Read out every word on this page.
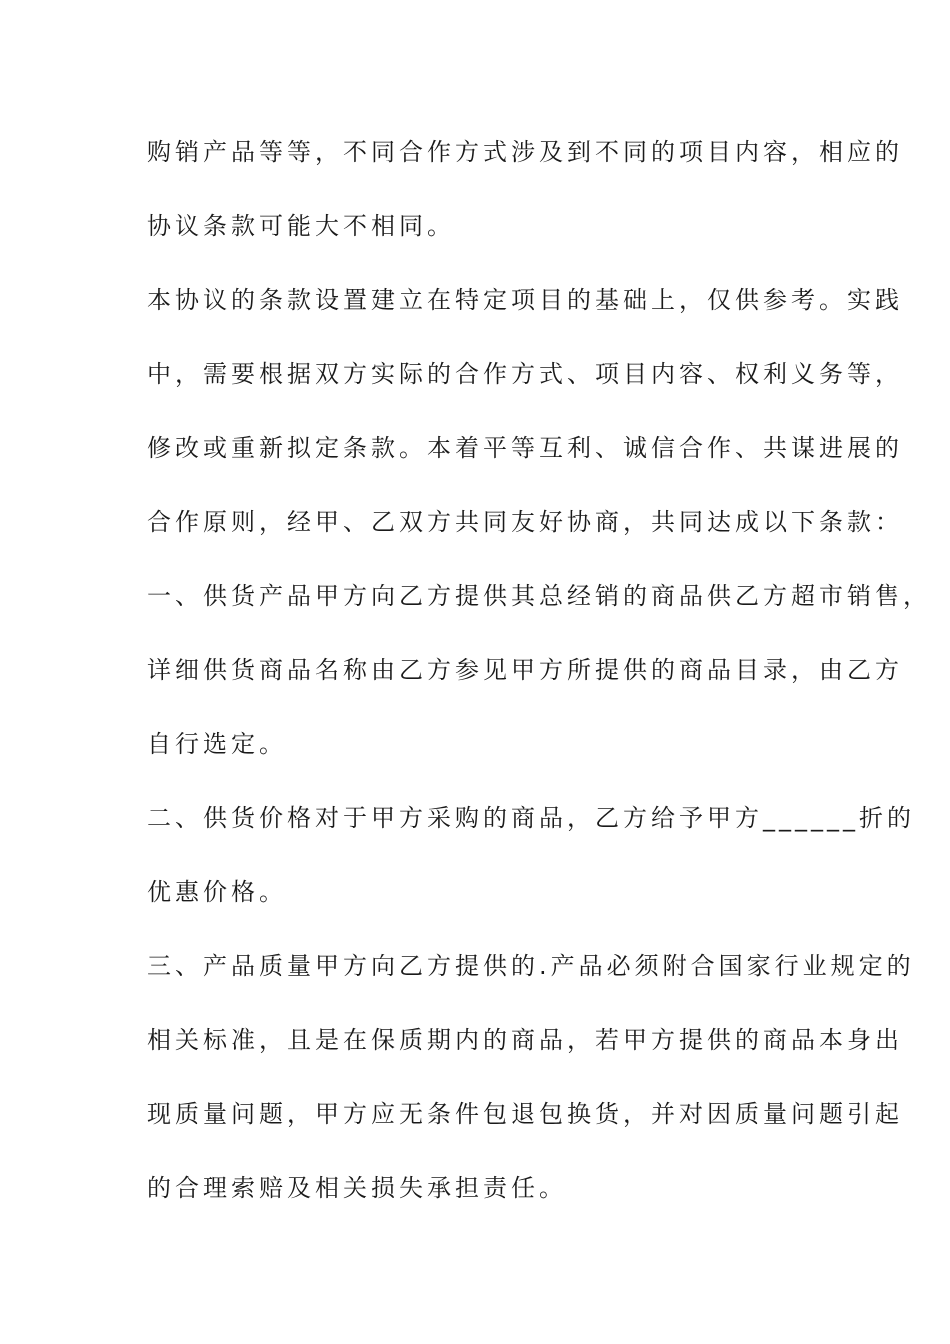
购销产品等等，不同合作方式涉及到不同的项目内容，相应的
协议条款可能大不相同。
本协议的条款设置建立在特定项目的基础上，仅供参考。实践
中，需要根据双方实际的合作方式、项目内容、权利义务等，
修改或重新拟定条款。本着平等互利、诚信合作、共谋进展的
合作原则，经甲、乙双方共同友好协商，共同达成以下条款：
一、供货产品甲方向乙方提供其总经销的商品供乙方超市销售，
详细供货商品名称由乙方参见甲方所提供的商品目录，由乙方
自行选定。
二、供货价格对于甲方采购的商品，乙方给予甲方______折的
优惠价格。
三、产品质量甲方向乙方提供的.产品必须附合国家行业规定的
相关标准，且是在保质期内的商品，若甲方提供的商品本身出
现质量问题，甲方应无条件包退包换货，并对因质量问题引起
的合理索赔及相关损失承担责任。
